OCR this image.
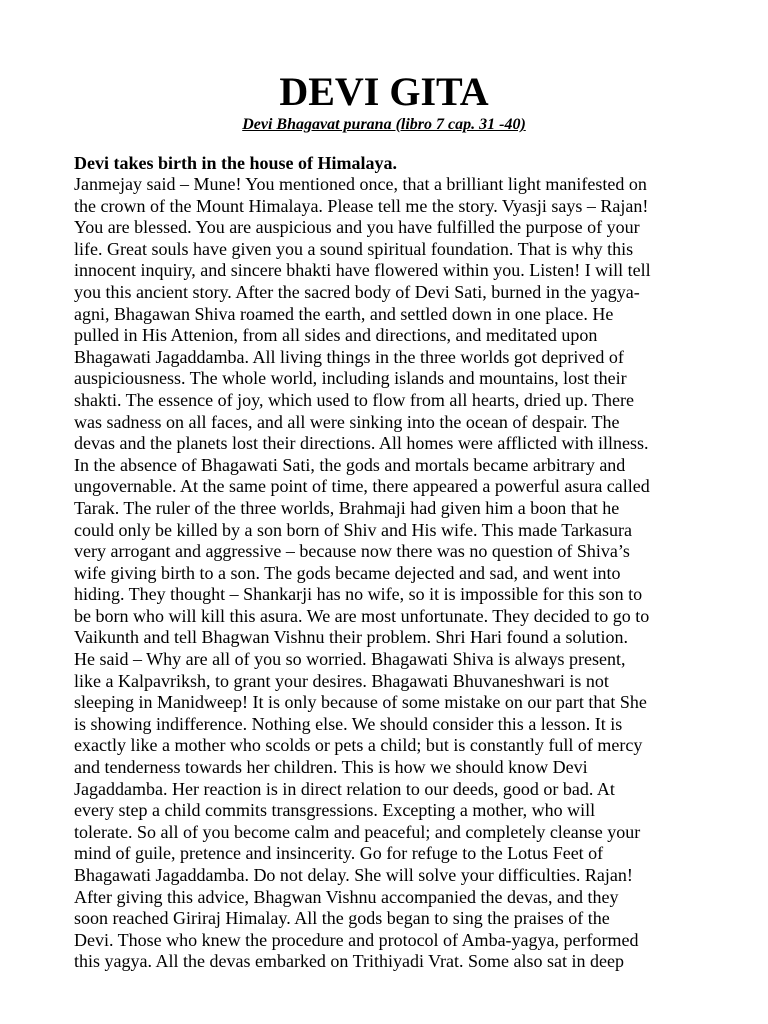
DEVI GITA
Devi Bhagavat purana (libro 7 cap. 31 -40)
Devi takes birth in the house of Himalaya.
Janmejay said – Mune! You mentioned once, that a brilliant light manifested on
the crown of the Mount Himalaya. Please tell me the story. Vyasji says – Rajan!
You are blessed. You are auspicious and you have fulfilled the purpose of your
life. Great souls have given you a sound spiritual foundation. That is why this
innocent inquiry, and sincere bhakti have flowered within you. Listen! I will tell
you this ancient story. After the sacred body of Devi Sati, burned in the yagya-
agni, Bhagawan Shiva roamed the earth, and settled down in one place. He
pulled in His Attenion, from all sides and directions, and meditated upon
Bhagawati Jagaddamba. All living things in the three worlds got deprived of
auspiciousness. The whole world, including islands and mountains, lost their
shakti. The essence of joy, which used to flow from all hearts, dried up. There
was sadness on all faces, and all were sinking into the ocean of despair. The
devas and the planets lost their directions. All homes were afflicted with illness.
In the absence of Bhagawati Sati, the gods and mortals became arbitrary and
ungovernable. At the same point of time, there appeared a powerful asura called
Tarak. The ruler of the three worlds, Brahmaji had given him a boon that he
could only be killed by a son born of Shiv and His wife. This made Tarkasura
very arrogant and aggressive – because now there was no question of Shiva’s
wife giving birth to a son. The gods became dejected and sad, and went into
hiding. They thought – Shankarji has no wife, so it is impossible for this son to
be born who will kill this asura. We are most unfortunate. They decided to go to
Vaikunth and tell Bhagwan Vishnu their problem. Shri Hari found a solution.
He said – Why are all of you so worried. Bhagawati Shiva is always present,
like a Kalpavriksh, to grant your desires. Bhagawati Bhuvaneshwari is not
sleeping in Manidweep! It is only because of some mistake on our part that She
is showing indifference. Nothing else. We should consider this a lesson. It is
exactly like a mother who scolds or pets a child; but is constantly full of mercy
and tenderness towards her children. This is how we should know Devi
Jagaddamba. Her reaction is in direct relation to our deeds, good or bad. At
every step a child commits transgressions. Excepting a mother, who will
tolerate. So all of you become calm and peaceful; and completely cleanse your
mind of guile, pretence and insincerity. Go for refuge to the Lotus Feet of
Bhagawati Jagaddamba. Do not delay. She will solve your difficulties. Rajan!
After giving this advice, Bhagwan Vishnu accompanied the devas, and they
soon reached Giriraj Himalay. All the gods began to sing the praises of the
Devi. Those who knew the procedure and protocol of Amba-yagya, performed
this yagya. All the devas embarked on Trithiyadi Vrat. Some also sat in deep
